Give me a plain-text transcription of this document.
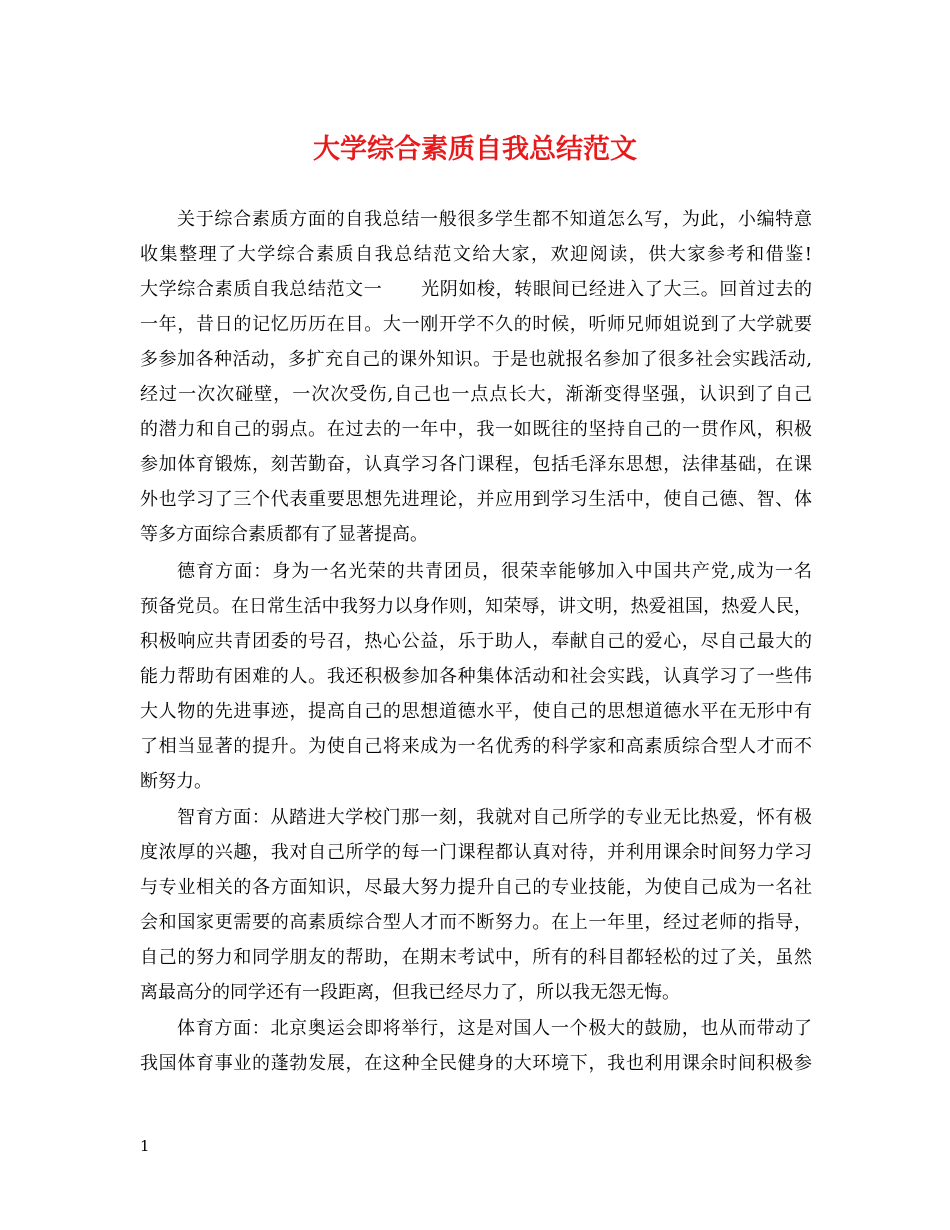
大学综合素质自我总结范文

关于综合素质方面的自我总结一般很多学生都不知道怎么写，为此，小编特意

收集整理了大学综合素质自我总结范文给大家，欢迎阅读，供大家参考和借鉴!

大学综合素质自我总结范文一 光阴如梭，转眼间已经进入了大三。回首过去的

一年，昔日的记忆历历在目。大一刚开学不久的时候，听师兄师姐说到了大学就要

多参加各种活动，多扩充自己的课外知识。于是也就报名参加了很多社会实践活动,

经过一次次碰壁，一次次受伤,自己也一点点长大，渐渐变得坚强，认识到了自己

的潜力和自己的弱点。在过去的一年中，我一如既往的坚持自己的一贯作风，积极

参加体育锻炼，刻苦勤奋，认真学习各门课程，包括毛泽东思想，法律基础，在课

外也学习了三个代表重要思想先进理论，并应用到学习生活中，使自己德、智、体

等多方面综合素质都有了显著提高。

德育方面：身为一名光荣的共青团员，很荣幸能够加入中国共产党,成为一名

预备党员。在日常生活中我努力以身作则，知荣辱，讲文明，热爱祖国，热爱人民，

积极响应共青团委的号召，热心公益，乐于助人，奉献自己的爱心，尽自己最大的

能力帮助有困难的人。我还积极参加各种集体活动和社会实践，认真学习了一些伟

大人物的先进事迹，提高自己的思想道德水平，使自己的思想道德水平在无形中有

了相当显著的提升。为使自己将来成为一名优秀的科学家和高素质综合型人才而不

断努力。

智育方面：从踏进大学校门那一刻，我就对自己所学的专业无比热爱，怀有极

度浓厚的兴趣，我对自己所学的每一门课程都认真对待，并利用课余时间努力学习

与专业相关的各方面知识，尽最大努力提升自己的专业技能，为使自己成为一名社

会和国家更需要的高素质综合型人才而不断努力。在上一年里，经过老师的指导，

自己的努力和同学朋友的帮助，在期末考试中，所有的科目都轻松的过了关，虽然

离最高分的同学还有一段距离，但我已经尽力了，所以我无怨无悔。

体育方面：北京奥运会即将举行，这是对国人一个极大的鼓励，也从而带动了

我国体育事业的蓬勃发展，在这种全民健身的大环境下，我也利用课余时间积极参

1
